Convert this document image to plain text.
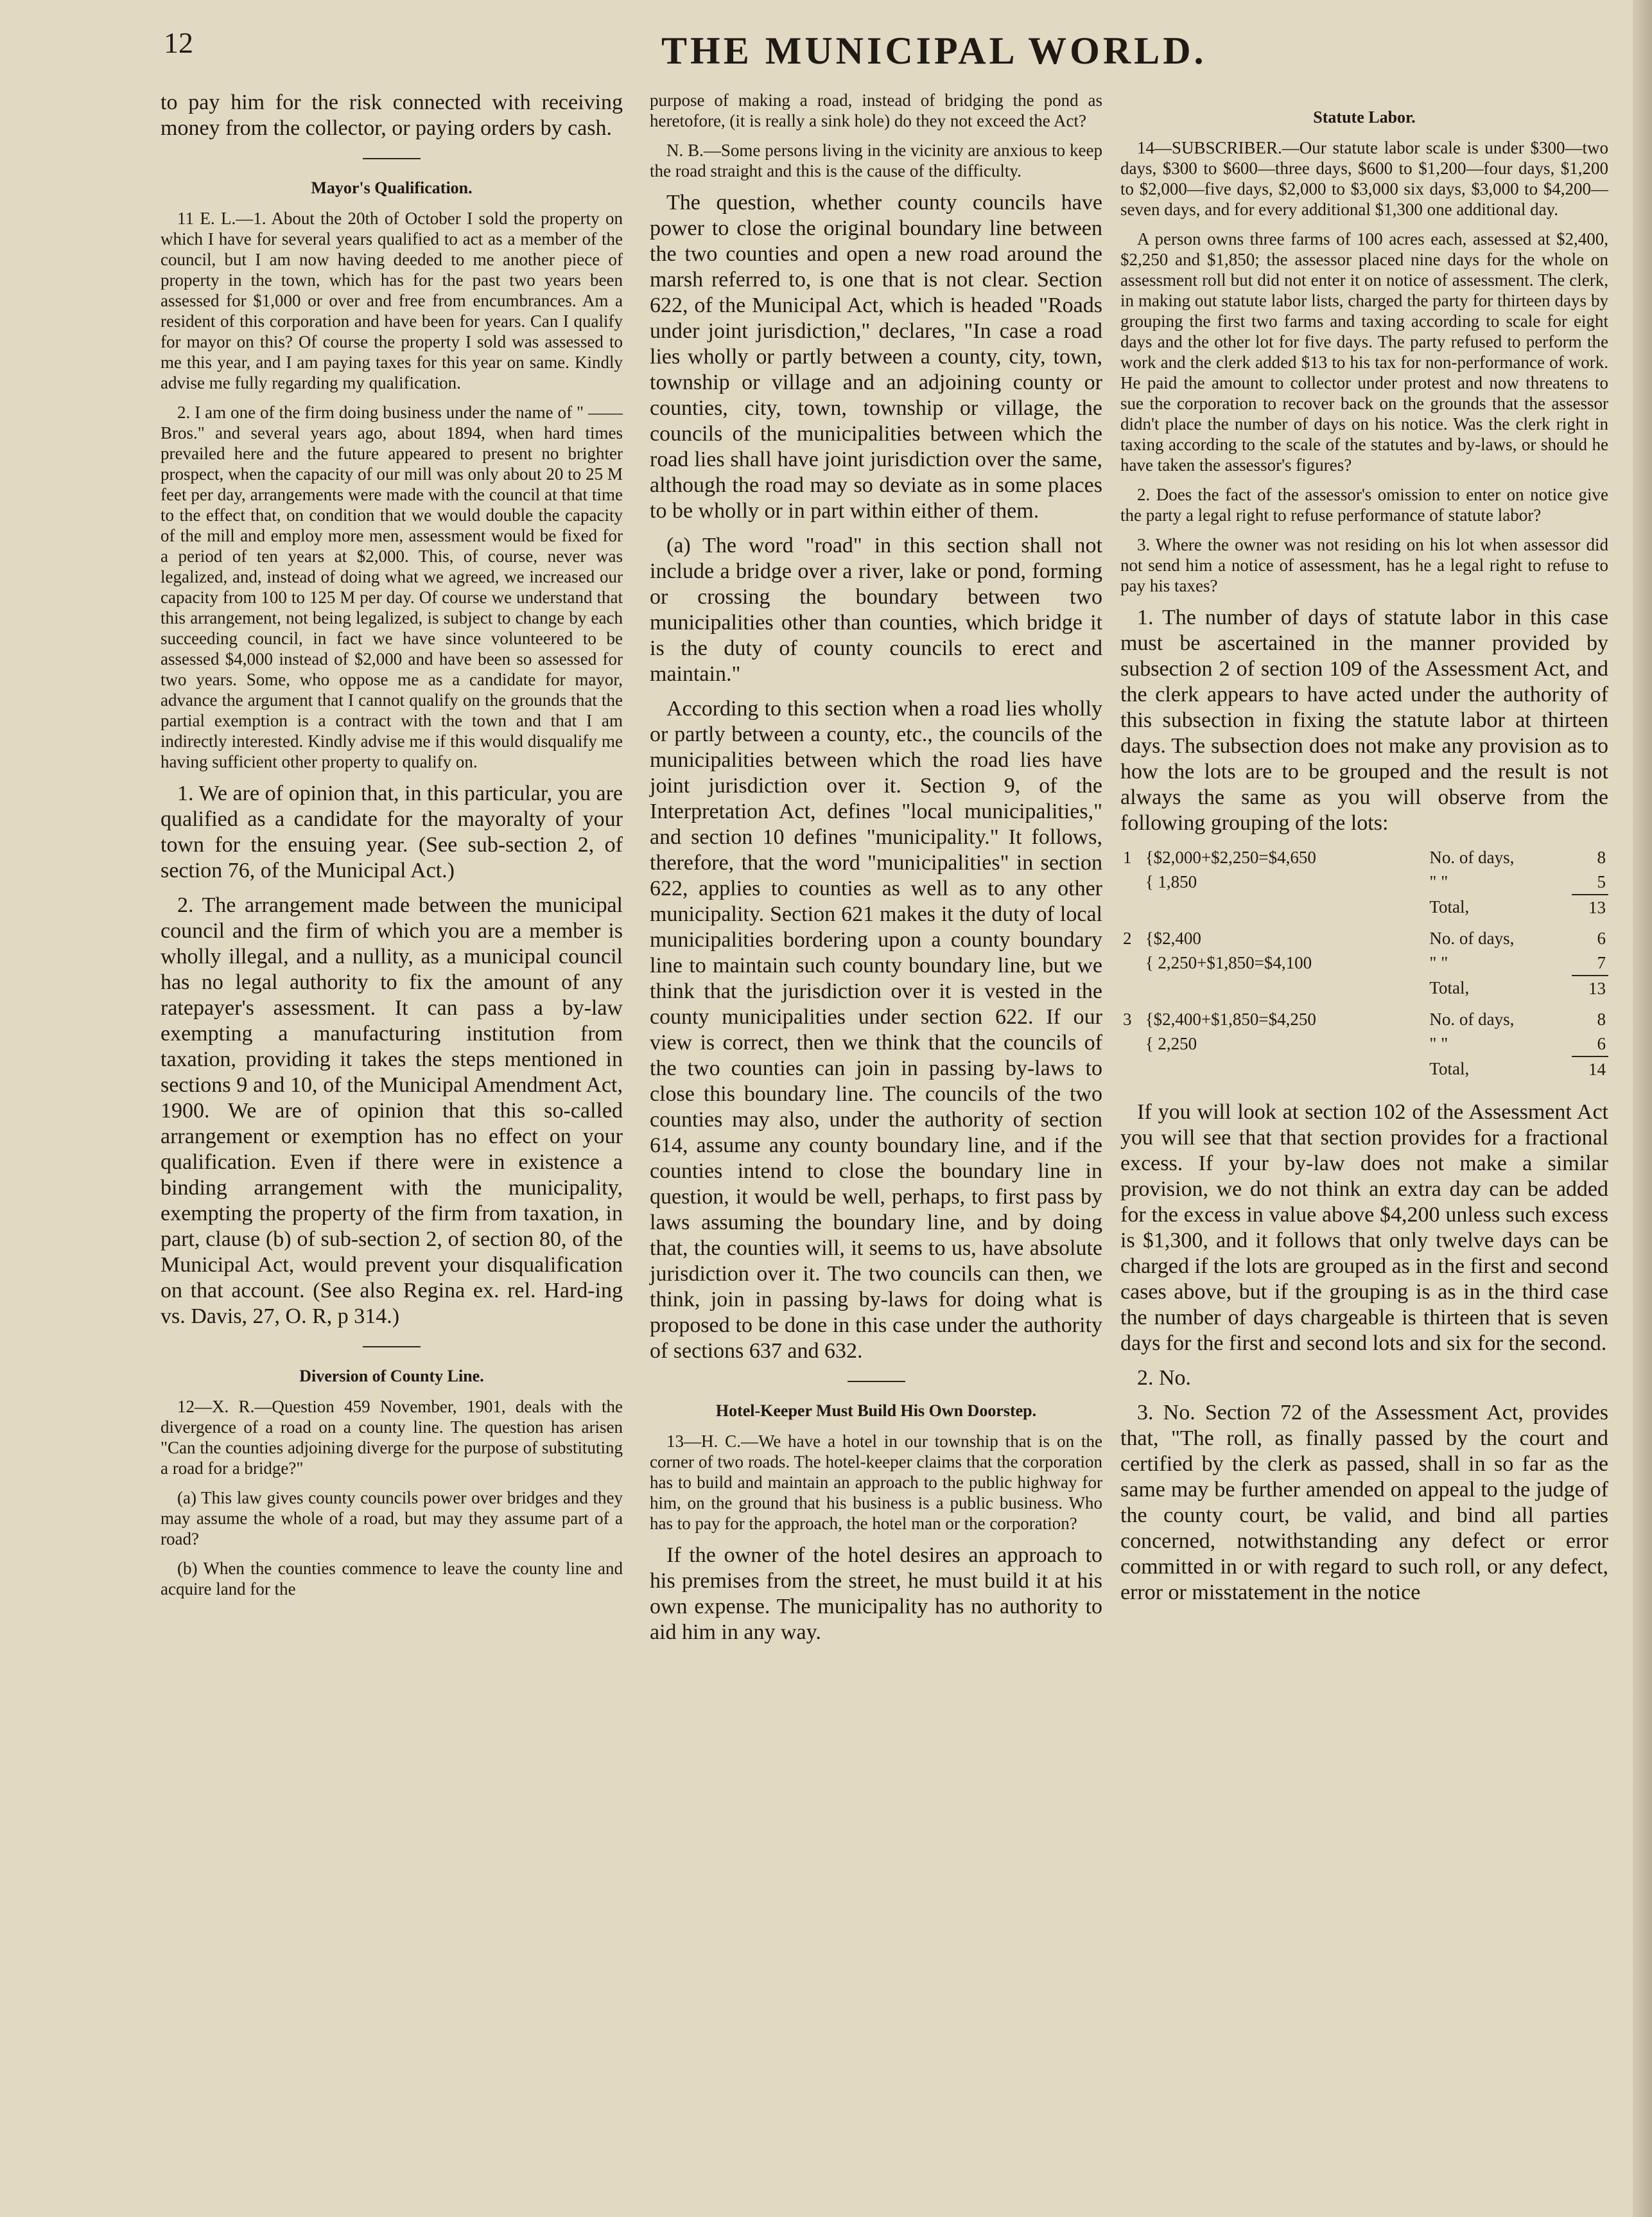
12	THE MUNICIPAL WORLD.

to pay him for the risk connected with receiving money from the collector, or paying orders by cash.

Mayor's Qualification.

11 E. L.—1. About the 20th of October I sold the property on which I have for several years qualified to act as a member of the council, but I am now having deeded to me another piece of property in the town, which has for the past two years been assessed for $1,000 or over and free from encumbrances. Am a resident of this corporation and have been for years. Can I qualify for mayor on this? Of course the property I sold was assessed to me this year, and I am paying taxes for this year on same. Kindly advise me fully regarding my qualification.

2. I am one of the firm doing business under the name of " —— Bros." and several years ago, about 1894, when hard times prevailed here and the future appeared to present no brighter prospect, when the capacity of our mill was only about 20 to 25 M feet per day, arrangements were made with the council at that time to the effect that, on condition that we would double the capacity of the mill and employ more men, assessment would be fixed for a period of ten years at $2,000. This, of course, never was legalized, and, instead of doing what we agreed, we increased our capacity from 100 to 125 M per day. Of course we understand that this arrangement, not being legalized, is subject to change by each succeeding council, in fact we have since volunteered to be assessed $4,000 instead of $2,000 and have been so assessed for two years. Some, who oppose me as a candidate for mayor, advance the argument that I cannot qualify on the grounds that the partial exemption is a contract with the town and that I am indirectly interested. Kindly advise me if this would disqualify me having sufficient other property to qualify on.

1. We are of opinion that, in this particular, you are qualified as a candidate for the mayoralty of your town for the ensuing year. (See sub-section 2, of section 76, of the Municipal Act.)

2. The arrangement made between the municipal council and the firm of which you are a member is wholly illegal, and a nullity, as a municipal council has no legal authority to fix the amount of any ratepayer's assessment. It can pass a by-law exempting a manufacturing institution from taxation, providing it takes the steps mentioned in sections 9 and 10, of the Municipal Amendment Act, 1900. We are of opinion that this so-called arrangement or exemption has no effect on your qualification. Even if there were in existence a binding arrangement with the municipality, exempting the property of the firm from taxation, in part, clause (b) of sub-section 2, of section 80, of the Municipal Act, would prevent your disqualification on that account. (See also Regina ex. rel. Hard-ing vs. Davis, 27, O. R, p 314.)

Diversion of County Line.

12—X. R.—Question 459 November, 1901, deals with the divergence of a road on a county line. The question has arisen "Can the counties adjoining diverge for the purpose of substituting a road for a bridge?"

(a) This law gives county councils power over bridges and they may assume the whole of a road, but may they assume part of a road?

(b) When the counties commence to leave the county line and acquire land for the

purpose of making a road, instead of bridging the pond as heretofore, (it is really a sink hole) do they not exceed the Act?

N. B.—Some persons living in the vicinity are anxious to keep the road straight and this is the cause of the difficulty.

The question, whether county councils have power to close the original boundary line between the two counties and open a new road around the marsh referred to, is one that is not clear. Section 622, of the Municipal Act, which is headed "Roads under joint jurisdiction," declares, "In case a road lies wholly or partly between a county, city, town, township or village and an adjoining county or counties, city, town, township or village, the councils of the municipalities between which the road lies shall have joint jurisdiction over the same, although the road may so deviate as in some places to be wholly or in part within either of them.

(a) The word "road" in this section shall not include a bridge over a river, lake or pond, forming or crossing the boundary between two municipalities other than counties, which bridge it is the duty of county councils to erect and maintain."

According to this section when a road lies wholly or partly between a county, etc., the councils of the municipalities between which the road lies have joint jurisdiction over it. Section 9, of the Interpretation Act, defines "local municipalities," and section 10 defines "municipality." It follows, therefore, that the word "municipalities" in section 622, applies to counties as well as to any other municipality. Section 621 makes it the duty of local municipalities bordering upon a county boundary line to maintain such county boundary line, but we think that the jurisdiction over it is vested in the county municipalities under section 622. If our view is correct, then we think that the councils of the two counties can join in passing by-laws to close this boundary line. The councils of the two counties may also, under the authority of section 614, assume any county boundary line, and if the counties intend to close the boundary line in question, it would be well, perhaps, to first pass by laws assuming the boundary line, and by doing that, the counties will, it seems to us, have absolute jurisdiction over it. The two councils can then, we think, join in passing by-laws for doing what is proposed to be done in this case under the authority of sections 637 and 632.

Hotel-Keeper Must Build His Own Doorstep.

13—H. C.—We have a hotel in our township that is on the corner of two roads. The hotel-keeper claims that the corporation has to build and maintain an approach to the public highway for him, on the ground that his business is a public business. Who has to pay for the approach, the hotel man or the corporation?

If the owner of the hotel desires an approach to his premises from the street, he must build it at his own expense. The municipality has no authority to aid him in any way.

Statute Labor.

14—SUBSCRIBER.—Our statute labor scale is under $300—two days, $300 to $600—three days, $600 to $1,200—four days, $1,200 to $2,000—five days, $2,000 to $3,000 six days, $3,000 to $4,200—seven days, and for every additional $1,300 one additional day.

A person owns three farms of 100 acres each, assessed at $2,400, $2,250 and $1,850; the assessor placed nine days for the whole on assessment roll but did not enter it on notice of assessment. The clerk, in making out statute labor lists, charged the party for thirteen days by grouping the first two farms and taxing according to scale for eight days and the other lot for five days. The party refused to perform the work and the clerk added $13 to his tax for non-performance of work. He paid the amount to collector under protest and now threatens to sue the corporation to recover back on the grounds that the assessor didn't place the number of days on his notice. Was the clerk right in taxing according to the scale of the statutes and by-laws, or should he have taken the assessor's figures?

2. Does the fact of the assessor's omission to enter on notice give the party a legal right to refuse performance of statute labor?

3. Where the owner was not residing on his lot when assessor did not send him a notice of assessment, has he a legal right to refuse to pay his taxes?

1. The number of days of statute labor in this case must be ascertained in the manner provided by subsection 2 of section 109 of the Assessment Act, and the clerk appears to have acted under the authority of this subsection in fixing the statute labor at thirteen days. The subsection does not make any provision as to how the lots are to be grouped and the result is not always the same as you will observe from the following grouping of the lots:

1	{$2,000+$2,250=$4,650	No. of days,	8
	{ 1,850	" "	5
		Total,	13
2	{$2,400	No. of days,	6
	{ 2,250+$1,850=$4,100	" "	7
		Total,	13
3	{$2,400+$1,850=$4,250	No. of days,	8
	{ 2,250	" "	6
		Total,	14

If you will look at section 102 of the Assessment Act you will see that that section provides for a fractional excess. If your by-law does not make a similar provision, we do not think an extra day can be added for the excess in value above $4,200 unless such excess is $1,300, and it follows that only twelve days can be charged if the lots are grouped as in the first and second cases above, but if the grouping is as in the third case the number of days chargeable is thirteen that is seven days for the first and second lots and six for the second.

2. No.

3. No. Section 72 of the Assessment Act, provides that, "The roll, as finally passed by the court and certified by the clerk as passed, shall in so far as the same may be further amended on appeal to the judge of the county court, be valid, and bind all parties concerned, notwithstanding any defect or error committed in or with regard to such roll, or any defect, error or misstatement in the notice
